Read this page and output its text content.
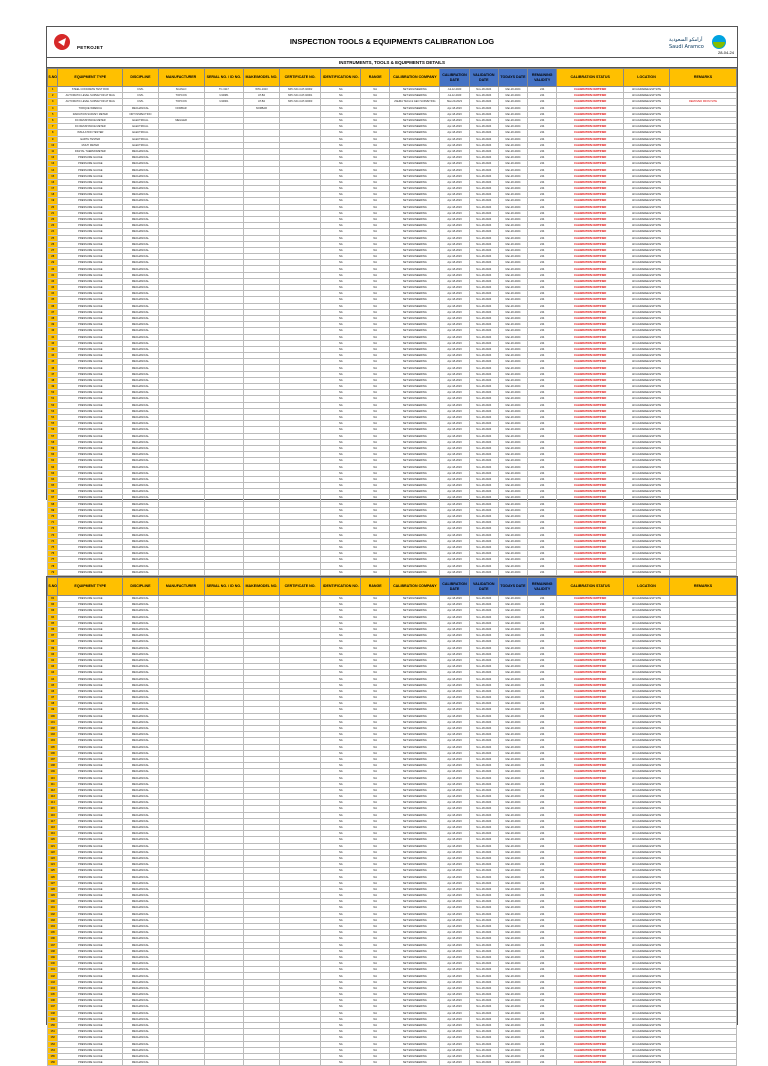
PETROJET
INSPECTION TOOLS & EQUIPMENTS CALIBRATION LOG	أرامكو السعودية
Saudi Aramco
28-04-24
INSTRUMENTS, TOOLS & EQUIPMENTS DETAILS
S.NO	EQUIPMENT TYPE	DISCIPLINE	MANUFACTURER	SERIAL NO. / ID NO.	MAKE/MODEL NO.	CERTIFICATE NO.	IDENTIFICATION NO.	RANGE	CALIBRATION COMPANY	CALIBRATION DATE	VALIDATION DATE	TODAYS DATE	REMAINING VALIDITY	CALIBRATION STATUS	LOCATION	REMARKS
1	STEEL CONCRETE TEST ROD	CIVIL	SCANLO	TC-3117	WTA-1023	NPC-SIC-CAT-02002	NA	NA	SET ENGINEERING	Jul-12-2023	Nov-18-2024	Mar-20-2024	244	CALIBRATION CERTIFIED	AN AGRAREE ESP SITE	
2	AUTOMATIC LEVEL SURVEYOR AT MAG	CIVIL	TOPCON	U34981	AT-B4	NPC-SIC-CAT-02001	NA	NA	SET ENGINEERING	Jul-12-2023	Nov-18-2024	Mar-20-2024	244	CALIBRATION CERTIFIED	AN AGRAREE ESP SITE	
3	AUTOMATIC LEVEL SURVEYOR AT MAG	CIVIL	TOPCON	U34901	AT-B4	NPC-SIC-CAT-02003	NA	NA	ZAHRA TECH & GEO SURVEYING	Mar-20-2023	Nov-18-2024	Mar-20-2024	244	CALIBRATION CERTIFIED	AN AGRAREE ESP SITE	REMOVED FROM SITE
4	TORQUE WRENCH	MECHANICAL	NORBAR		NORBAR		NA	NA	SET ENGINEERING	Apr-18-2023	Nov-18-2024	Mar-20-2024	244	CALIBRATION CERTIFIED	AN AGRAREE ESP SITE	
5	RADIATION SURVEY METER	NDT INSPECTION					NA	NA	SET ENGINEERING	Apr-18-2023	Nov-18-2024	Mar-20-2024	244	CALIBRATION CERTIFIED	AN AGRAREE ESP SITE	
6	DC RESISTANCE METER	ELECTRICAL	MEGGER				NA	NA	SET ENGINEERING	Apr-18-2023	Nov-18-2024	Mar-20-2024	244	CALIBRATION CERTIFIED	AN AGRAREE ESP SITE	
7	DC RESISTANCE METER	ELECTRICAL					NA	NA	SET ENGINEERING	Apr-18-2023	Nov-18-2024	Mar-20-2024	244	CALIBRATION CERTIFIED	AN AGRAREE ESP SITE	
8	INSULATION TESTER	ELECTRICAL					NA	NA	SET ENGINEERING	Apr-18-2023	Nov-18-2024	Mar-20-2024	244	CALIBRATION CERTIFIED	AN AGRAREE ESP SITE	
9	EARTH TESTER	ELECTRICAL					NA	NA	SET ENGINEERING	Apr-18-2023	Nov-18-2024	Mar-20-2024	244	CALIBRATION CERTIFIED	AN AGRAREE ESP SITE	
10	MULTI METER	ELECTRICAL					NA	NA	SET ENGINEERING	Apr-18-2023	Nov-18-2024	Mar-20-2024	244	CALIBRATION CERTIFIED	AN AGRAREE ESP SITE	
11	DIGITAL THERMOMETER	MECHANICAL					NA	NA	SET ENGINEERING	Apr-18-2023	Nov-18-2024	Mar-20-2024	244	CALIBRATION CERTIFIED	AN AGRAREE ESP SITE	
12	PRESSURE GAUGE	MECHANICAL					NA	NA	SET ENGINEERING	Apr-18-2023	Nov-18-2024	Mar-20-2024	244	CALIBRATION CERTIFIED	AN AGRAREE ESP SITE	
13	PRESSURE GAUGE	MECHANICAL					NA	NA	SET ENGINEERING	Apr-18-2023	Nov-18-2024	Mar-20-2024	244	CALIBRATION CERTIFIED	AN AGRAREE ESP SITE	
14	PRESSURE GAUGE	MECHANICAL					NA	NA	SET ENGINEERING	Apr-18-2023	Nov-18-2024	Mar-20-2024	244	CALIBRATION CERTIFIED	AN AGRAREE ESP SITE	
15	PRESSURE GAUGE	MECHANICAL					NA	NA	SET ENGINEERING	Apr-18-2023	Nov-18-2024	Mar-20-2024	244	CALIBRATION CERTIFIED	AN AGRAREE ESP SITE	
16	PRESSURE GAUGE	MECHANICAL					NA	NA	SET ENGINEERING	Apr-18-2023	Nov-18-2024	Mar-20-2024	244	CALIBRATION CERTIFIED	AN AGRAREE ESP SITE	
17	PRESSURE GAUGE	MECHANICAL					NA	NA	SET ENGINEERING	Apr-18-2023	Nov-18-2024	Mar-20-2024	244	CALIBRATION CERTIFIED	AN AGRAREE ESP SITE	
18	PRESSURE GAUGE	MECHANICAL					NA	NA	SET ENGINEERING	Apr-18-2023	Nov-18-2024	Mar-20-2024	244	CALIBRATION CERTIFIED	AN AGRAREE ESP SITE	
19	PRESSURE GAUGE	MECHANICAL					NA	NA	SET ENGINEERING	Apr-18-2023	Nov-18-2024	Mar-20-2024	244	CALIBRATION CERTIFIED	AN AGRAREE ESP SITE	
20	PRESSURE GAUGE	MECHANICAL					NA	NA	SET ENGINEERING	Apr-18-2023	Nov-18-2024	Mar-20-2024	244	CALIBRATION CERTIFIED	AN AGRAREE ESP SITE	
21	PRESSURE GAUGE	MECHANICAL					NA	NA	SET ENGINEERING	Apr-18-2023	Nov-18-2024	Mar-20-2024	244	CALIBRATION CERTIFIED	AN AGRAREE ESP SITE	
22	PRESSURE GAUGE	MECHANICAL					NA	NA	SET ENGINEERING	Apr-18-2023	Nov-18-2024	Mar-20-2024	244	CALIBRATION CERTIFIED	AN AGRAREE ESP SITE	
23	PRESSURE GAUGE	MECHANICAL					NA	NA	SET ENGINEERING	Apr-18-2023	Nov-18-2024	Mar-20-2024	244	CALIBRATION CERTIFIED	AN AGRAREE ESP SITE	
24	PRESSURE GAUGE	MECHANICAL					NA	NA	SET ENGINEERING	Apr-18-2023	Nov-18-2024	Mar-20-2024	244	CALIBRATION CERTIFIED	AN AGRAREE ESP SITE	
25	PRESSURE GAUGE	MECHANICAL					NA	NA	SET ENGINEERING	Apr-18-2023	Nov-18-2024	Mar-20-2024	244	CALIBRATION CERTIFIED	AN AGRAREE ESP SITE	
26	PRESSURE GAUGE	MECHANICAL					NA	NA	SET ENGINEERING	Apr-18-2023	Nov-18-2024	Mar-20-2024	244	CALIBRATION CERTIFIED	AN AGRAREE ESP SITE	
27	PRESSURE GAUGE	MECHANICAL					NA	NA	SET ENGINEERING	Apr-18-2023	Nov-18-2024	Mar-20-2024	244	CALIBRATION CERTIFIED	AN AGRAREE ESP SITE	
28	PRESSURE GAUGE	MECHANICAL					NA	NA	SET ENGINEERING	Apr-18-2023	Nov-18-2024	Mar-20-2024	244	CALIBRATION CERTIFIED	AN AGRAREE ESP SITE	
29	PRESSURE GAUGE	MECHANICAL					NA	NA	SET ENGINEERING	Apr-18-2023	Nov-18-2024	Mar-20-2024	244	CALIBRATION CERTIFIED	AN AGRAREE ESP SITE	
30	PRESSURE GAUGE	MECHANICAL					NA	NA	SET ENGINEERING	Apr-18-2023	Nov-18-2024	Mar-20-2024	244	CALIBRATION CERTIFIED	AN AGRAREE ESP SITE	
31	PRESSURE GAUGE	MECHANICAL					NA	NA	SET ENGINEERING	Apr-18-2023	Nov-18-2024	Mar-20-2024	244	CALIBRATION CERTIFIED	AN AGRAREE ESP SITE	
32	PRESSURE GAUGE	MECHANICAL					NA	NA	SET ENGINEERING	Apr-18-2023	Nov-18-2024	Mar-20-2024	244	CALIBRATION CERTIFIED	AN AGRAREE ESP SITE	
33	PRESSURE GAUGE	MECHANICAL					NA	NA	SET ENGINEERING	Apr-18-2023	Nov-18-2024	Mar-20-2024	244	CALIBRATION CERTIFIED	AN AGRAREE ESP SITE	
34	PRESSURE GAUGE	MECHANICAL					NA	NA	SET ENGINEERING	Apr-18-2023	Nov-18-2024	Mar-20-2024	244	CALIBRATION CERTIFIED	AN AGRAREE ESP SITE	
35	PRESSURE GAUGE	MECHANICAL					NA	NA	SET ENGINEERING	Apr-18-2023	Nov-18-2024	Mar-20-2024	244	CALIBRATION CERTIFIED	AN AGRAREE ESP SITE	
36	PRESSURE GAUGE	MECHANICAL					NA	NA	SET ENGINEERING	Apr-18-2023	Nov-18-2024	Mar-20-2024	244	CALIBRATION CERTIFIED	AN AGRAREE ESP SITE	
37	PRESSURE GAUGE	MECHANICAL					NA	NA	SET ENGINEERING	Apr-18-2023	Nov-18-2024	Mar-20-2024	244	CALIBRATION CERTIFIED	AN AGRAREE ESP SITE	
38	PRESSURE GAUGE	MECHANICAL					NA	NA	SET ENGINEERING	Apr-18-2023	Nov-18-2024	Mar-20-2024	244	CALIBRATION CERTIFIED	AN AGRAREE ESP SITE	
39	PRESSURE GAUGE	MECHANICAL					NA	NA	SET ENGINEERING	Apr-18-2023	Nov-18-2024	Mar-20-2024	244	CALIBRATION CERTIFIED	AN AGRAREE ESP SITE	
40	PRESSURE GAUGE	MECHANICAL					NA	NA	SET ENGINEERING	Apr-18-2023	Nov-18-2024	Mar-20-2024	244	CALIBRATION CERTIFIED	AN AGRAREE ESP SITE	
41	PRESSURE GAUGE	MECHANICAL					NA	NA	SET ENGINEERING	Apr-18-2023	Nov-18-2024	Mar-20-2024	244	CALIBRATION CERTIFIED	AN AGRAREE ESP SITE	
42	PRESSURE GAUGE	MECHANICAL					NA	NA	SET ENGINEERING	Apr-18-2023	Nov-18-2024	Mar-20-2024	244	CALIBRATION CERTIFIED	AN AGRAREE ESP SITE	
43	PRESSURE GAUGE	MECHANICAL					NA	NA	SET ENGINEERING	Apr-18-2023	Nov-18-2024	Mar-20-2024	244	CALIBRATION CERTIFIED	AN AGRAREE ESP SITE	
44	PRESSURE GAUGE	MECHANICAL					NA	NA	SET ENGINEERING	Apr-18-2023	Nov-18-2024	Mar-20-2024	244	CALIBRATION CERTIFIED	AN AGRAREE ESP SITE	
45	PRESSURE GAUGE	MECHANICAL					NA	NA	SET ENGINEERING	Apr-18-2023	Nov-18-2024	Mar-20-2024	244	CALIBRATION CERTIFIED	AN AGRAREE ESP SITE	
46	PRESSURE GAUGE	MECHANICAL					NA	NA	SET ENGINEERING	Apr-18-2023	Nov-18-2024	Mar-20-2024	244	CALIBRATION CERTIFIED	AN AGRAREE ESP SITE	
47	PRESSURE GAUGE	MECHANICAL					NA	NA	SET ENGINEERING	Apr-18-2023	Nov-18-2024	Mar-20-2024	244	CALIBRATION CERTIFIED	AN AGRAREE ESP SITE	
48	PRESSURE GAUGE	MECHANICAL					NA	NA	SET ENGINEERING	Apr-18-2023	Nov-18-2024	Mar-20-2024	244	CALIBRATION CERTIFIED	AN AGRAREE ESP SITE	
49	PRESSURE GAUGE	MECHANICAL					NA	NA	SET ENGINEERING	Apr-18-2023	Nov-18-2024	Mar-20-2024	244	CALIBRATION CERTIFIED	AN AGRAREE ESP SITE	
50	PRESSURE GAUGE	MECHANICAL					NA	NA	SET ENGINEERING	Apr-18-2023	Nov-18-2024	Mar-20-2024	244	CALIBRATION CERTIFIED	AN AGRAREE ESP SITE	
51	PRESSURE GAUGE	MECHANICAL					NA	NA	SET ENGINEERING	Apr-18-2023	Nov-18-2024	Mar-20-2024	244	CALIBRATION CERTIFIED	AN AGRAREE ESP SITE	
52	PRESSURE GAUGE	MECHANICAL					NA	NA	SET ENGINEERING	Apr-18-2023	Nov-18-2024	Mar-20-2024	244	CALIBRATION CERTIFIED	AN AGRAREE ESP SITE	
53	PRESSURE GAUGE	MECHANICAL					NA	NA	SET ENGINEERING	Apr-18-2023	Nov-18-2024	Mar-20-2024	244	CALIBRATION CERTIFIED	AN AGRAREE ESP SITE	
54	PRESSURE GAUGE	MECHANICAL					NA	NA	SET ENGINEERING	Apr-18-2023	Nov-18-2024	Mar-20-2024	244	CALIBRATION CERTIFIED	AN AGRAREE ESP SITE	
55	PRESSURE GAUGE	MECHANICAL					NA	NA	SET ENGINEERING	Apr-18-2023	Nov-18-2024	Mar-20-2024	244	CALIBRATION CERTIFIED	AN AGRAREE ESP SITE	
56	PRESSURE GAUGE	MECHANICAL					NA	NA	SET ENGINEERING	Apr-18-2023	Nov-18-2024	Mar-20-2024	244	CALIBRATION CERTIFIED	AN AGRAREE ESP SITE	
57	PRESSURE GAUGE	MECHANICAL					NA	NA	SET ENGINEERING	Apr-18-2023	Nov-18-2024	Mar-20-2024	244	CALIBRATION CERTIFIED	AN AGRAREE ESP SITE	
58	PRESSURE GAUGE	MECHANICAL					NA	NA	SET ENGINEERING	Apr-18-2023	Nov-18-2024	Mar-20-2024	244	CALIBRATION CERTIFIED	AN AGRAREE ESP SITE	
59	PRESSURE GAUGE	MECHANICAL					NA	NA	SET ENGINEERING	Apr-18-2023	Nov-18-2024	Mar-20-2024	244	CALIBRATION CERTIFIED	AN AGRAREE ESP SITE	
60	PRESSURE GAUGE	MECHANICAL					NA	NA	SET ENGINEERING	Apr-18-2023	Nov-18-2024	Mar-20-2024	244	CALIBRATION CERTIFIED	AN AGRAREE ESP SITE	
61	PRESSURE GAUGE	MECHANICAL					NA	NA	SET ENGINEERING	Apr-18-2023	Nov-18-2024	Mar-20-2024	244	CALIBRATION CERTIFIED	AN AGRAREE ESP SITE	
62	PRESSURE GAUGE	MECHANICAL					NA	NA	SET ENGINEERING	Apr-18-2023	Nov-18-2024	Mar-20-2024	244	CALIBRATION CERTIFIED	AN AGRAREE ESP SITE	
63	PRESSURE GAUGE	MECHANICAL					NA	NA	SET ENGINEERING	Apr-18-2023	Nov-18-2024	Mar-20-2024	244	CALIBRATION CERTIFIED	AN AGRAREE ESP SITE	
64	PRESSURE GAUGE	MECHANICAL					NA	NA	SET ENGINEERING	Apr-18-2023	Nov-18-2024	Mar-20-2024	244	CALIBRATION CERTIFIED	AN AGRAREE ESP SITE	
65	PRESSURE GAUGE	MECHANICAL					NA	NA	SET ENGINEERING	Apr-18-2023	Nov-18-2024	Mar-20-2024	244	CALIBRATION CERTIFIED	AN AGRAREE ESP SITE	
66	PRESSURE GAUGE	MECHANICAL					NA	NA	SET ENGINEERING	Apr-18-2023	Nov-18-2024	Mar-20-2024	244	CALIBRATION CERTIFIED	AN AGRAREE ESP SITE	
67	PRESSURE GAUGE	MECHANICAL					NA	NA	SET ENGINEERING	Apr-18-2023	Nov-18-2024	Mar-20-2024	244	CALIBRATION CERTIFIED	AN AGRAREE ESP SITE	
68	PRESSURE GAUGE	MECHANICAL					NA	NA	SET ENGINEERING	Apr-18-2023	Nov-18-2024	Mar-20-2024	244	CALIBRATION CERTIFIED	AN AGRAREE ESP SITE	
69	PRESSURE GAUGE	MECHANICAL					NA	NA	SET ENGINEERING	Apr-18-2023	Nov-18-2024	Mar-20-2024	244	CALIBRATION CERTIFIED	AN AGRAREE ESP SITE	
70	PRESSURE GAUGE	MECHANICAL					NA	NA	SET ENGINEERING	Apr-18-2023	Nov-18-2024	Mar-20-2024	244	CALIBRATION CERTIFIED	AN AGRAREE ESP SITE	
71	PRESSURE GAUGE	MECHANICAL					NA	NA	SET ENGINEERING	Apr-18-2023	Nov-18-2024	Mar-20-2024	244	CALIBRATION CERTIFIED	AN AGRAREE ESP SITE	
72	PRESSURE GAUGE	MECHANICAL					NA	NA	SET ENGINEERING	Apr-18-2023	Nov-18-2024	Mar-20-2024	244	CALIBRATION CERTIFIED	AN AGRAREE ESP SITE	
73	PRESSURE GAUGE	MECHANICAL					NA	NA	SET ENGINEERING	Apr-18-2023	Nov-18-2024	Mar-20-2024	244	CALIBRATION CERTIFIED	AN AGRAREE ESP SITE	
74	PRESSURE GAUGE	MECHANICAL					NA	NA	SET ENGINEERING	Apr-18-2023	Nov-18-2024	Mar-20-2024	244	CALIBRATION CERTIFIED	AN AGRAREE ESP SITE	
75	PRESSURE GAUGE	MECHANICAL					NA	NA	SET ENGINEERING	Apr-18-2023	Nov-18-2024	Mar-20-2024	244	CALIBRATION CERTIFIED	AN AGRAREE ESP SITE	
76	PRESSURE GAUGE	MECHANICAL					NA	NA	SET ENGINEERING	Apr-18-2023	Nov-18-2024	Mar-20-2024	244	CALIBRATION CERTIFIED	AN AGRAREE ESP SITE	
77	PRESSURE GAUGE	MECHANICAL					NA	NA	SET ENGINEERING	Apr-18-2023	Nov-18-2024	Mar-20-2024	244	CALIBRATION CERTIFIED	AN AGRAREE ESP SITE	
78	PRESSURE GAUGE	MECHANICAL					NA	NA	SET ENGINEERING	Apr-18-2023	Nov-18-2024	Mar-20-2024	244	CALIBRATION CERTIFIED	AN AGRAREE ESP SITE	
79	PRESSURE GAUGE	MECHANICAL					NA	NA	SET ENGINEERING	Apr-18-2023	Nov-18-2024	Mar-20-2024	244	CALIBRATION CERTIFIED	AN AGRAREE ESP SITE	

S.NO	EQUIPMENT TYPE	DISCIPLINE	MANUFACTURER	SERIAL NO. / ID NO.	MAKE/MODEL NO.	CERTIFICATE NO.	IDENTIFICATION NO.	RANGE	CALIBRATION COMPANY	CALIBRATION DATE	VALIDATION DATE	TODAYS DATE	REMAINING VALIDITY	CALIBRATION STATUS	LOCATION	REMARKS
81	PRESSURE GAUGE	MECHANICAL					NA	NA	SET ENGINEERING	Apr-18-2023	Nov-18-2024	Mar-20-2024	244	CALIBRATION CERTIFIED	AN AGRAREE ESP SITE	
82	PRESSURE GAUGE	MECHANICAL					NA	NA	SET ENGINEERING	Apr-18-2023	Nov-18-2024	Mar-20-2024	244	CALIBRATION CERTIFIED	AN AGRAREE ESP SITE	
83	PRESSURE GAUGE	MECHANICAL					NA	NA	SET ENGINEERING	Apr-18-2023	Nov-18-2024	Mar-20-2024	244	CALIBRATION CERTIFIED	AN AGRAREE ESP SITE	
84	PRESSURE GAUGE	MECHANICAL					NA	NA	SET ENGINEERING	Apr-18-2023	Nov-18-2024	Mar-20-2024	244	CALIBRATION CERTIFIED	AN AGRAREE ESP SITE	
85	PRESSURE GAUGE	MECHANICAL					NA	NA	SET ENGINEERING	Apr-18-2023	Nov-18-2024	Mar-20-2024	244	CALIBRATION CERTIFIED	AN AGRAREE ESP SITE	
86	PRESSURE GAUGE	MECHANICAL					NA	NA	SET ENGINEERING	Apr-18-2023	Nov-18-2024	Mar-20-2024	244	CALIBRATION CERTIFIED	AN AGRAREE ESP SITE	
87	PRESSURE GAUGE	MECHANICAL					NA	NA	SET ENGINEERING	Apr-18-2023	Nov-18-2024	Mar-20-2024	244	CALIBRATION CERTIFIED	AN AGRAREE ESP SITE	
88	PRESSURE GAUGE	MECHANICAL					NA	NA	SET ENGINEERING	Apr-18-2023	Nov-18-2024	Mar-20-2024	244	CALIBRATION CERTIFIED	AN AGRAREE ESP SITE	
89	PRESSURE GAUGE	MECHANICAL					NA	NA	SET ENGINEERING	Apr-18-2023	Nov-18-2024	Mar-20-2024	244	CALIBRATION CERTIFIED	AN AGRAREE ESP SITE	
90	PRESSURE GAUGE	MECHANICAL					NA	NA	SET ENGINEERING	Apr-18-2023	Nov-18-2024	Mar-20-2024	244	CALIBRATION CERTIFIED	AN AGRAREE ESP SITE	
91	PRESSURE GAUGE	MECHANICAL					NA	NA	SET ENGINEERING	Apr-18-2023	Nov-18-2024	Mar-20-2024	244	CALIBRATION CERTIFIED	AN AGRAREE ESP SITE	
92	PRESSURE GAUGE	MECHANICAL					NA	NA	SET ENGINEERING	Apr-18-2023	Nov-18-2024	Mar-20-2024	244	CALIBRATION CERTIFIED	AN AGRAREE ESP SITE	
93	PRESSURE GAUGE	MECHANICAL					NA	NA	SET ENGINEERING	Apr-18-2023	Nov-18-2024	Mar-20-2024	244	CALIBRATION CERTIFIED	AN AGRAREE ESP SITE	
94	PRESSURE GAUGE	MECHANICAL					NA	NA	SET ENGINEERING	Apr-18-2023	Nov-18-2024	Mar-20-2024	244	CALIBRATION CERTIFIED	AN AGRAREE ESP SITE	
95	PRESSURE GAUGE	MECHANICAL					NA	NA	SET ENGINEERING	Apr-18-2023	Nov-18-2024	Mar-20-2024	244	CALIBRATION CERTIFIED	AN AGRAREE ESP SITE	
96	PRESSURE GAUGE	MECHANICAL					NA	NA	SET ENGINEERING	Apr-18-2023	Nov-18-2024	Mar-20-2024	244	CALIBRATION CERTIFIED	AN AGRAREE ESP SITE	
97	PRESSURE GAUGE	MECHANICAL					NA	NA	SET ENGINEERING	Apr-18-2023	Nov-18-2024	Mar-20-2024	244	CALIBRATION CERTIFIED	AN AGRAREE ESP SITE	
98	PRESSURE GAUGE	MECHANICAL					NA	NA	SET ENGINEERING	Apr-18-2023	Nov-18-2024	Mar-20-2024	244	CALIBRATION CERTIFIED	AN AGRAREE ESP SITE	
99	PRESSURE GAUGE	MECHANICAL					NA	NA	SET ENGINEERING	Apr-18-2023	Nov-18-2024	Mar-20-2024	244	CALIBRATION CERTIFIED	AN AGRAREE ESP SITE	
100	PRESSURE GAUGE	MECHANICAL					NA	NA	SET ENGINEERING	Apr-18-2023	Nov-18-2024	Mar-20-2024	244	CALIBRATION CERTIFIED	AN AGRAREE ESP SITE	
101	PRESSURE GAUGE	MECHANICAL					NA	NA	SET ENGINEERING	Apr-18-2023	Nov-18-2024	Mar-20-2024	244	CALIBRATION CERTIFIED	AN AGRAREE ESP SITE	
102	PRESSURE GAUGE	MECHANICAL					NA	NA	SET ENGINEERING	Apr-18-2023	Nov-18-2024	Mar-20-2024	244	CALIBRATION CERTIFIED	AN AGRAREE ESP SITE	
103	PRESSURE GAUGE	MECHANICAL					NA	NA	SET ENGINEERING	Apr-18-2023	Nov-18-2024	Mar-20-2024	244	CALIBRATION CERTIFIED	AN AGRAREE ESP SITE	
104	PRESSURE GAUGE	MECHANICAL					NA	NA	SET ENGINEERING	Apr-18-2023	Nov-18-2024	Mar-20-2024	244	CALIBRATION CERTIFIED	AN AGRAREE ESP SITE	
105	PRESSURE GAUGE	MECHANICAL					NA	NA	SET ENGINEERING	Apr-18-2023	Nov-18-2024	Mar-20-2024	244	CALIBRATION CERTIFIED	AN AGRAREE ESP SITE	
106	PRESSURE GAUGE	MECHANICAL					NA	NA	SET ENGINEERING	Apr-18-2023	Nov-18-2024	Mar-20-2024	244	CALIBRATION CERTIFIED	AN AGRAREE ESP SITE	
107	PRESSURE GAUGE	MECHANICAL					NA	NA	SET ENGINEERING	Apr-18-2023	Nov-18-2024	Mar-20-2024	244	CALIBRATION CERTIFIED	AN AGRAREE ESP SITE	
108	PRESSURE GAUGE	MECHANICAL					NA	NA	SET ENGINEERING	Apr-18-2023	Nov-18-2024	Mar-20-2024	244	CALIBRATION CERTIFIED	AN AGRAREE ESP SITE	
109	PRESSURE GAUGE	MECHANICAL					NA	NA	SET ENGINEERING	Apr-18-2023	Nov-18-2024	Mar-20-2024	244	CALIBRATION CERTIFIED	AN AGRAREE ESP SITE	
110	PRESSURE GAUGE	MECHANICAL					NA	NA	SET ENGINEERING	Apr-18-2023	Nov-18-2024	Mar-20-2024	244	CALIBRATION CERTIFIED	AN AGRAREE ESP SITE	
111	PRESSURE GAUGE	MECHANICAL					NA	NA	SET ENGINEERING	Apr-18-2023	Nov-18-2024	Mar-20-2024	244	CALIBRATION CERTIFIED	AN AGRAREE ESP SITE	
112	PRESSURE GAUGE	MECHANICAL					NA	NA	SET ENGINEERING	Apr-18-2023	Nov-18-2024	Mar-20-2024	244	CALIBRATION CERTIFIED	AN AGRAREE ESP SITE	
113	PRESSURE GAUGE	MECHANICAL					NA	NA	SET ENGINEERING	Apr-18-2023	Nov-18-2024	Mar-20-2024	244	CALIBRATION CERTIFIED	AN AGRAREE ESP SITE	
114	PRESSURE GAUGE	MECHANICAL					NA	NA	SET ENGINEERING	Apr-18-2023	Nov-18-2024	Mar-20-2024	244	CALIBRATION CERTIFIED	AN AGRAREE ESP SITE	
115	PRESSURE GAUGE	MECHANICAL					NA	NA	SET ENGINEERING	Apr-18-2023	Nov-18-2024	Mar-20-2024	244	CALIBRATION CERTIFIED	AN AGRAREE ESP SITE	
116	PRESSURE GAUGE	MECHANICAL					NA	NA	SET ENGINEERING	Apr-18-2023	Nov-18-2024	Mar-20-2024	244	CALIBRATION CERTIFIED	AN AGRAREE ESP SITE	
117	PRESSURE GAUGE	MECHANICAL					NA	NA	SET ENGINEERING	Apr-18-2023	Nov-18-2024	Mar-20-2024	244	CALIBRATION CERTIFIED	AN AGRAREE ESP SITE	
118	PRESSURE GAUGE	MECHANICAL					NA	NA	SET ENGINEERING	Apr-18-2023	Nov-18-2024	Mar-20-2024	244	CALIBRATION CERTIFIED	AN AGRAREE ESP SITE	
119	PRESSURE GAUGE	MECHANICAL					NA	NA	SET ENGINEERING	Apr-18-2023	Nov-18-2024	Mar-20-2024	244	CALIBRATION CERTIFIED	AN AGRAREE ESP SITE	
120	PRESSURE GAUGE	MECHANICAL					NA	NA	SET ENGINEERING	Apr-18-2023	Nov-18-2024	Mar-20-2024	244	CALIBRATION CERTIFIED	AN AGRAREE ESP SITE	
121	PRESSURE GAUGE	MECHANICAL					NA	NA	SET ENGINEERING	Apr-18-2023	Nov-18-2024	Mar-20-2024	244	CALIBRATION CERTIFIED	AN AGRAREE ESP SITE	
122	PRESSURE GAUGE	MECHANICAL					NA	NA	SET ENGINEERING	Apr-18-2023	Nov-18-2024	Mar-20-2024	244	CALIBRATION CERTIFIED	AN AGRAREE ESP SITE	
123	PRESSURE GAUGE	MECHANICAL					NA	NA	SET ENGINEERING	Apr-18-2023	Nov-18-2024	Mar-20-2024	244	CALIBRATION CERTIFIED	AN AGRAREE ESP SITE	
124	PRESSURE GAUGE	MECHANICAL					NA	NA	SET ENGINEERING	Apr-18-2023	Nov-18-2024	Mar-20-2024	244	CALIBRATION CERTIFIED	AN AGRAREE ESP SITE	
125	PRESSURE GAUGE	MECHANICAL					NA	NA	SET ENGINEERING	Apr-18-2023	Nov-18-2024	Mar-20-2024	244	CALIBRATION CERTIFIED	AN AGRAREE ESP SITE	
126	PRESSURE GAUGE	MECHANICAL					NA	NA	SET ENGINEERING	Apr-18-2023	Nov-18-2024	Mar-20-2024	244	CALIBRATION CERTIFIED	AN AGRAREE ESP SITE	
127	PRESSURE GAUGE	MECHANICAL					NA	NA	SET ENGINEERING	Apr-18-2023	Nov-18-2024	Mar-20-2024	244	CALIBRATION CERTIFIED	AN AGRAREE ESP SITE	
128	PRESSURE GAUGE	MECHANICAL					NA	NA	SET ENGINEERING	Apr-18-2023	Nov-18-2024	Mar-20-2024	244	CALIBRATION CERTIFIED	AN AGRAREE ESP SITE	
129	PRESSURE GAUGE	MECHANICAL					NA	NA	SET ENGINEERING	Apr-18-2023	Nov-18-2024	Mar-20-2024	244	CALIBRATION CERTIFIED	AN AGRAREE ESP SITE	
130	PRESSURE GAUGE	MECHANICAL					NA	NA	SET ENGINEERING	Apr-18-2023	Nov-18-2024	Mar-20-2024	244	CALIBRATION CERTIFIED	AN AGRAREE ESP SITE	
131	PRESSURE GAUGE	MECHANICAL					NA	NA	SET ENGINEERING	Apr-18-2023	Nov-18-2024	Mar-20-2024	244	CALIBRATION CERTIFIED	AN AGRAREE ESP SITE	
132	PRESSURE GAUGE	MECHANICAL					NA	NA	SET ENGINEERING	Apr-18-2023	Nov-18-2024	Mar-20-2024	244	CALIBRATION CERTIFIED	AN AGRAREE ESP SITE	
133	PRESSURE GAUGE	MECHANICAL					NA	NA	SET ENGINEERING	Apr-18-2023	Nov-18-2024	Mar-20-2024	244	CALIBRATION CERTIFIED	AN AGRAREE ESP SITE	
134	PRESSURE GAUGE	MECHANICAL					NA	NA	SET ENGINEERING	Apr-18-2023	Nov-18-2024	Mar-20-2024	244	CALIBRATION CERTIFIED	AN AGRAREE ESP SITE	
135	PRESSURE GAUGE	MECHANICAL					NA	NA	SET ENGINEERING	Apr-18-2023	Nov-18-2024	Mar-20-2024	244	CALIBRATION CERTIFIED	AN AGRAREE ESP SITE	
136	PRESSURE GAUGE	MECHANICAL					NA	NA	SET ENGINEERING	Apr-18-2023	Nov-18-2024	Mar-20-2024	244	CALIBRATION CERTIFIED	AN AGRAREE ESP SITE	
137	PRESSURE GAUGE	MECHANICAL					NA	NA	SET ENGINEERING	Apr-18-2023	Nov-18-2024	Mar-20-2024	244	CALIBRATION CERTIFIED	AN AGRAREE ESP SITE	
138	PRESSURE GAUGE	MECHANICAL					NA	NA	SET ENGINEERING	Apr-18-2023	Nov-18-2024	Mar-20-2024	244	CALIBRATION CERTIFIED	AN AGRAREE ESP SITE	
139	PRESSURE GAUGE	MECHANICAL					NA	NA	SET ENGINEERING	Apr-18-2023	Nov-18-2024	Mar-20-2024	244	CALIBRATION CERTIFIED	AN AGRAREE ESP SITE	
140	PRESSURE GAUGE	MECHANICAL					NA	NA	SET ENGINEERING	Apr-18-2023	Nov-18-2024	Mar-20-2024	244	CALIBRATION CERTIFIED	AN AGRAREE ESP SITE	
141	PRESSURE GAUGE	MECHANICAL					NA	NA	SET ENGINEERING	Apr-18-2023	Nov-18-2024	Mar-20-2024	244	CALIBRATION CERTIFIED	AN AGRAREE ESP SITE	
142	PRESSURE GAUGE	MECHANICAL					NA	NA	SET ENGINEERING	Apr-18-2023	Nov-18-2024	Mar-20-2024	244	CALIBRATION CERTIFIED	AN AGRAREE ESP SITE	
143	PRESSURE GAUGE	MECHANICAL					NA	NA	SET ENGINEERING	Apr-18-2023	Nov-18-2024	Mar-20-2024	244	CALIBRATION CERTIFIED	AN AGRAREE ESP SITE	
144	PRESSURE GAUGE	MECHANICAL					NA	NA	SET ENGINEERING	Apr-18-2023	Nov-18-2024	Mar-20-2024	244	CALIBRATION CERTIFIED	AN AGRAREE ESP SITE	
145	PRESSURE GAUGE	MECHANICAL					NA	NA	SET ENGINEERING	Apr-18-2023	Nov-18-2024	Mar-20-2024	244	CALIBRATION CERTIFIED	AN AGRAREE ESP SITE	
146	PRESSURE GAUGE	MECHANICAL					NA	NA	SET ENGINEERING	Apr-18-2023	Nov-18-2024	Mar-20-2024	244	CALIBRATION CERTIFIED	AN AGRAREE ESP SITE	
147	PRESSURE GAUGE	MECHANICAL					NA	NA	SET ENGINEERING	Apr-18-2023	Nov-18-2024	Mar-20-2024	244	CALIBRATION CERTIFIED	AN AGRAREE ESP SITE	
148	PRESSURE GAUGE	MECHANICAL					NA	NA	SET ENGINEERING	Apr-18-2023	Nov-18-2024	Mar-20-2024	244	CALIBRATION CERTIFIED	AN AGRAREE ESP SITE	
149	PRESSURE GAUGE	MECHANICAL					NA	NA	SET ENGINEERING	Apr-18-2023	Nov-18-2024	Mar-20-2024	244	CALIBRATION CERTIFIED	AN AGRAREE ESP SITE	
150	PRESSURE GAUGE	MECHANICAL					NA	NA	SET ENGINEERING	Apr-18-2023	Nov-18-2024	Mar-20-2024	244	CALIBRATION CERTIFIED	AN AGRAREE ESP SITE	
151	PRESSURE GAUGE	MECHANICAL					NA	NA	SET ENGINEERING	Apr-18-2023	Nov-18-2024	Mar-20-2024	244	CALIBRATION CERTIFIED	AN AGRAREE ESP SITE	
152	PRESSURE GAUGE	MECHANICAL					NA	NA	SET ENGINEERING	Apr-18-2023	Nov-18-2024	Mar-20-2024	244	CALIBRATION CERTIFIED	AN AGRAREE ESP SITE	
153	PRESSURE GAUGE	MECHANICAL					NA	NA	SET ENGINEERING	Apr-18-2023	Nov-18-2024	Mar-20-2024	244	CALIBRATION CERTIFIED	AN AGRAREE ESP SITE	
154	PRESSURE GAUGE	MECHANICAL					NA	NA	SET ENGINEERING	Apr-18-2023	Nov-18-2024	Mar-20-2024	244	CALIBRATION CERTIFIED	AN AGRAREE ESP SITE	
155	PRESSURE GAUGE	MECHANICAL					NA	NA	SET ENGINEERING	Apr-18-2023	Nov-18-2024	Mar-20-2024	244	CALIBRATION CERTIFIED	AN AGRAREE ESP SITE	
156	PRESSURE GAUGE	MECHANICAL					NA	NA	SET ENGINEERING	Apr-18-2023	Nov-18-2024	Mar-20-2024	244	CALIBRATION CERTIFIED	AN AGRAREE ESP SITE	
